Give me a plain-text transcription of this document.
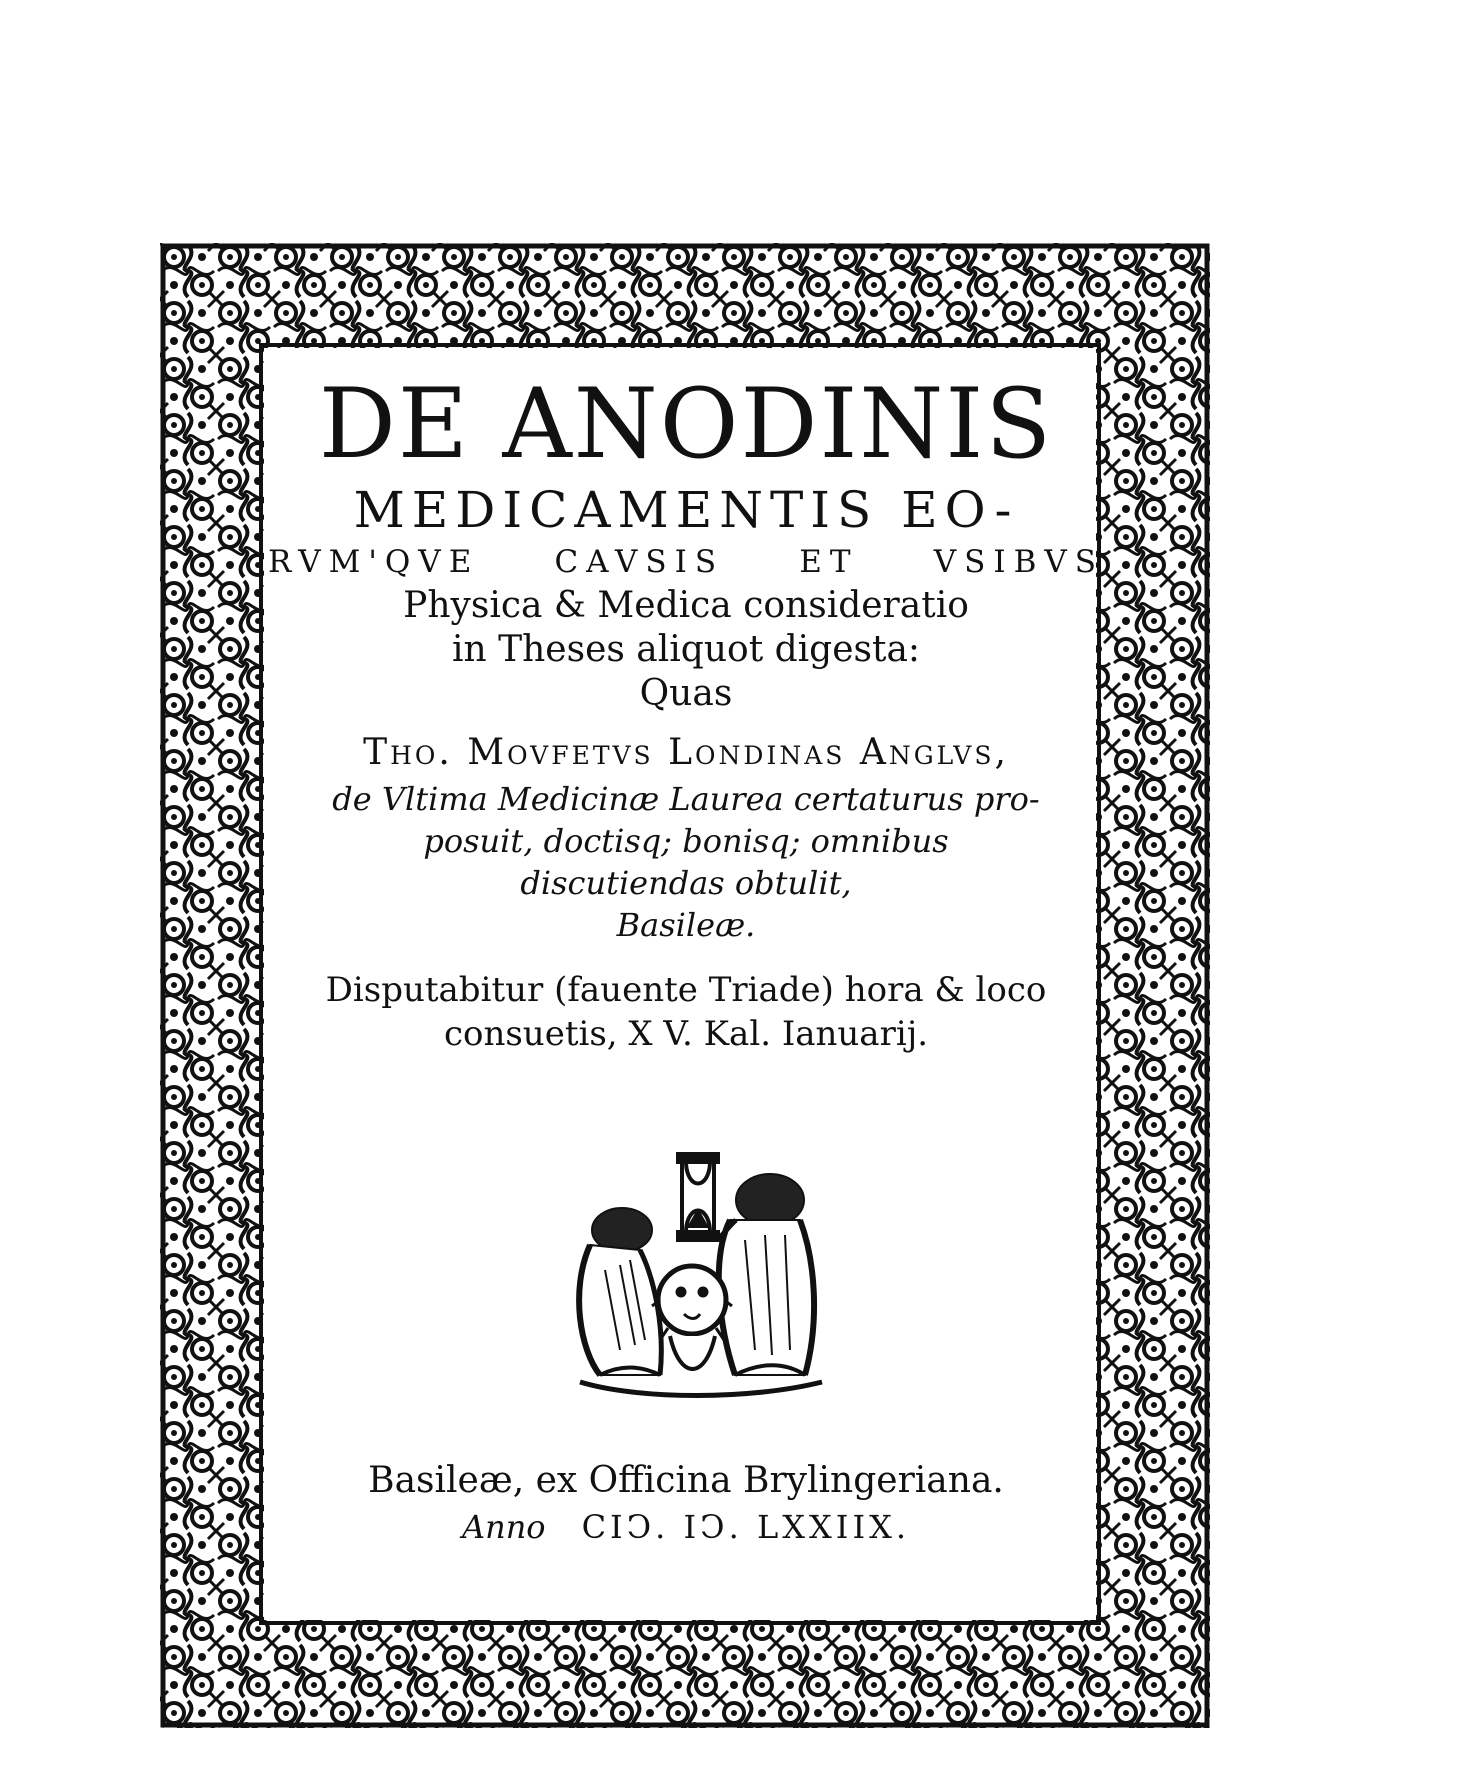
DE ANODINIS
MEDICAMENTIS EO-
RVM'QVE CAVSIS ET VSIBVS
Physica & Medica consideratio
in Theses aliquot digesta:
Quas
Tho. Movfetvs Londinas Anglvs,
de Vltima Medicinæ Laurea certaturus pro-
posuit, doctisq; bonisq; omnibus
discutiendas obtulit,
Basileæ.
Disputabitur (fauente Triade) hora & loco
consuetis, X V. Kal. Ianuarij.
Basileæ, ex Officina Brylingeriana.
Anno CIↃ. IↃ. LXXIIX.
